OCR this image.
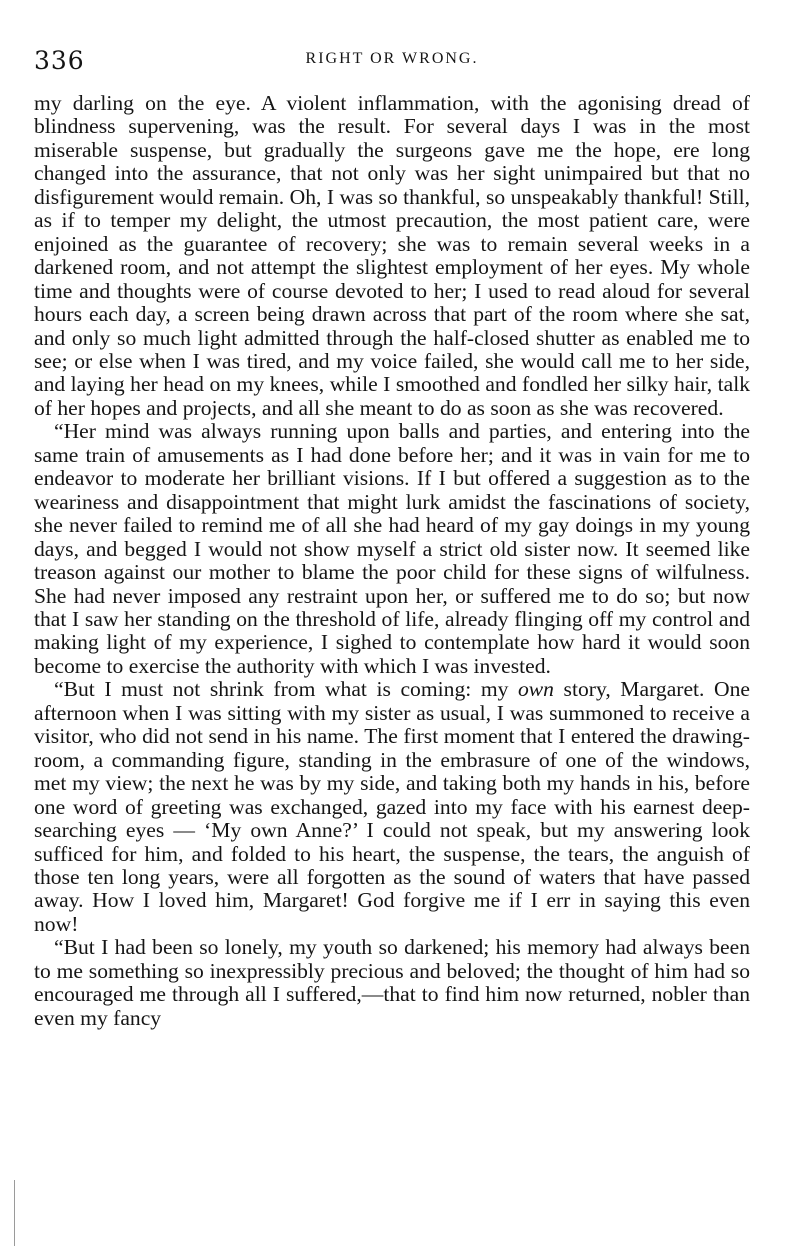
336	RIGHT OR WRONG.

my darling on the eye. A violent inflammation, with the agonising dread of blindness supervening, was the result. For several days I was in the most miserable suspense, but gradually the surgeons gave me the hope, ere long changed into the assurance, that not only was her sight unimpaired but that no disfigurement would remain. Oh, I was so thankful, so unspeakably thankful! Still, as if to temper my delight, the utmost precaution, the most patient care, were enjoined as the guarantee of recovery; she was to remain several weeks in a darkened room, and not attempt the slightest employment of her eyes. My whole time and thoughts were of course devoted to her; I used to read aloud for several hours each day, a screen being drawn across that part of the room where she sat, and only so much light admitted through the half-closed shutter as enabled me to see; or else when I was tired, and my voice failed, she would call me to her side, and laying her head on my knees, while I smoothed and fondled her silky hair, talk of her hopes and projects, and all she meant to do as soon as she was recovered.

“Her mind was always running upon balls and parties, and entering into the same train of amusements as I had done before her; and it was in vain for me to endeavor to moderate her brilliant visions. If I but offered a suggestion as to the weariness and disappointment that might lurk amidst the fascinations of society, she never failed to remind me of all she had heard of my gay doings in my young days, and begged I would not show myself a strict old sister now. It seemed like treason against our mother to blame the poor child for these signs of wilfulness. She had never imposed any restraint upon her, or suffered me to do so; but now that I saw her standing on the threshold of life, already flinging off my control and making light of my experience, I sighed to contemplate how hard it would soon become to exercise the authority with which I was invested.

“But I must not shrink from what is coming: my own story, Margaret. One afternoon when I was sitting with my sister as usual, I was summoned to receive a visitor, who did not send in his name. The first moment that I entered the drawing-room, a commanding figure, standing in the embrasure of one of the windows, met my view; the next he was by my side, and taking both my hands in his, before one word of greeting was exchanged, gazed into my face with his earnest deep-searching eyes — ‘My own Anne?’ I could not speak, but my answering look sufficed for him, and folded to his heart, the suspense, the tears, the anguish of those ten long years, were all forgotten as the sound of waters that have passed away. How I loved him, Margaret! God forgive me if I err in saying this even now!

“But I had been so lonely, my youth so darkened; his memory had always been to me something so inexpressibly precious and beloved; the thought of him had so encouraged me through all I suffered,—that to find him now returned, nobler than even my fancy
